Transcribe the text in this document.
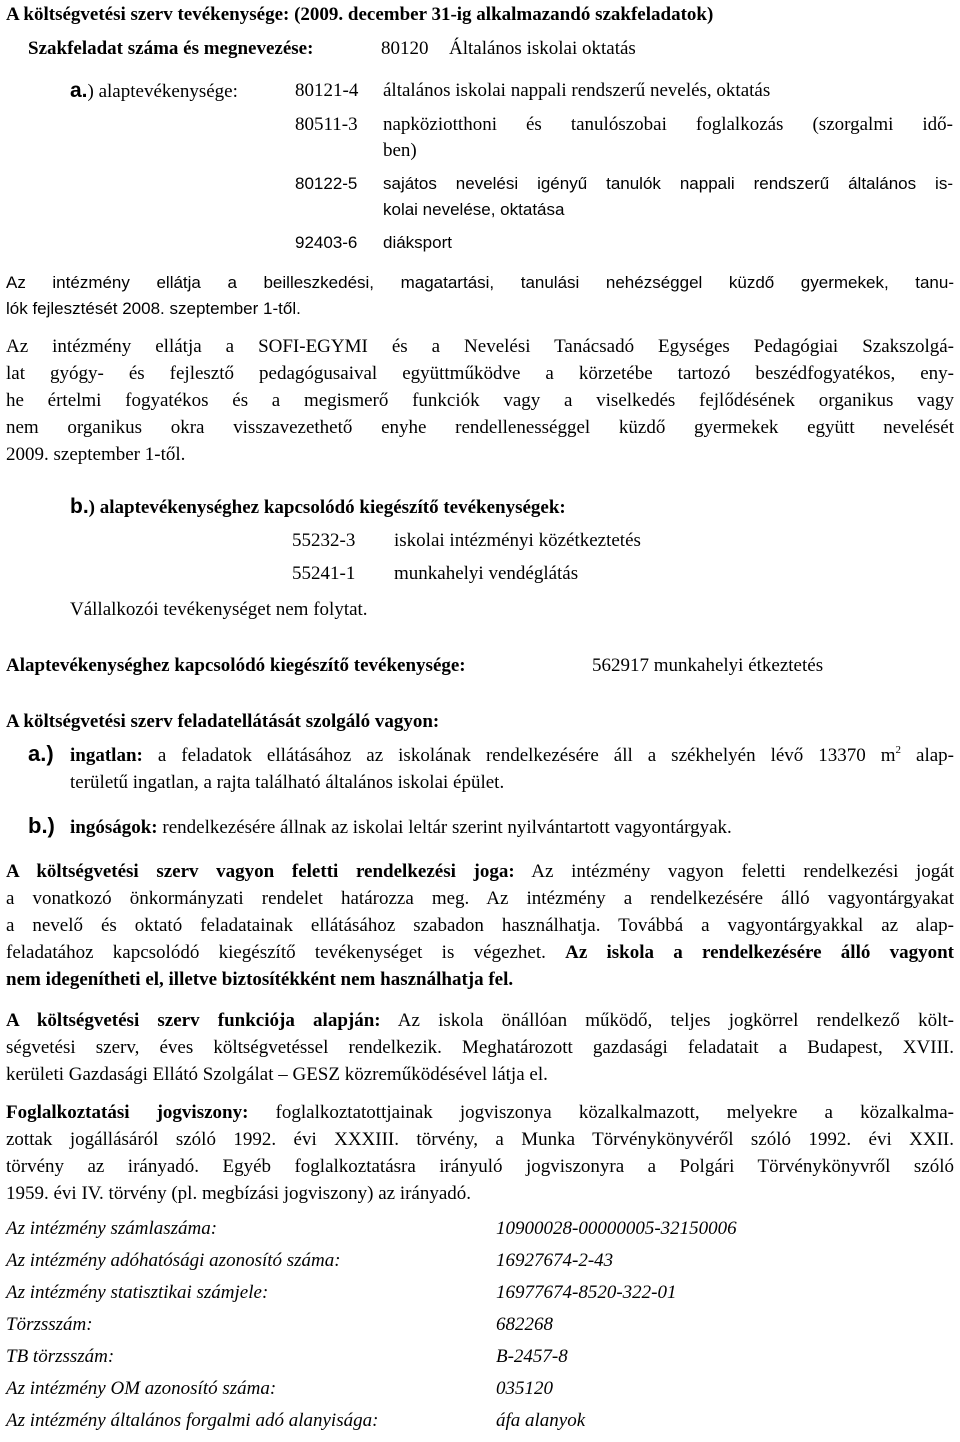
A költségvetési szerv tevékenysége: (2009. december 31-ig alkalmazandó szakfeladatok)
Szakfeladat száma és megnevezése:	80120 Általános iskolai oktatás
a.) alaptevékenysége:	80121-4 általános iskolai nappali rendszerű nevelés, oktatás
80511-3 napköziotthoni és tanulószobai foglalkozás (szorgalmi idő-
ben)
80122-5 sajátos nevelési igényű tanulók nappali rendszerű általános is-
kolai nevelése, oktatása
92403-6 diáksport
Az intézmény ellátja a beilleszkedési, magatartási, tanulási nehézséggel küzdő gyermekek, tanu-
lók fejlesztését 2008. szeptember 1-től.
Az intézmény ellátja a SOFI-EGYMI és a Nevelési Tanácsadó Egységes Pedagógiai Szakszolgá-
lat gyógy- és fejlesztő pedagógusaival együttműködve a körzetébe tartozó beszédfogyatékos, eny-
he értelmi fogyatékos és a megismerő funkciók vagy a viselkedés fejlődésének organikus vagy
nem organikus okra visszavezethető enyhe rendellenességgel küzdő gyermekek együtt nevelését
2009. szeptember 1-től.
b.) alaptevékenységhez kapcsolódó kiegészítő tevékenységek:
55232-3 iskolai intézményi közétkeztetés
55241-1 munkahelyi vendéglátás
Vállalkozói tevékenységet nem folytat.
Alaptevékenységhez kapcsolódó kiegészítő tevékenysége:	562917 munkahelyi étkeztetés
A költségvetési szerv feladatellátását szolgáló vagyon:
a.) ingatlan: a feladatok ellátásához az iskolának rendelkezésére áll a székhelyén lévő 13370 $m^2$ alap-
területű ingatlan, a rajta található általános iskolai épület.
b.) ingóságok: rendelkezésére állnak az iskolai leltár szerint nyilvántartott vagyontárgyak.
A költségvetési szerv vagyon feletti rendelkezési joga: Az intézmény vagyon feletti rendelkezési jogát
a vonatkozó önkormányzati rendelet határozza meg. Az intézmény a rendelkezésére álló vagyontárgyakat
a nevelő és oktató feladatainak ellátásához szabadon használhatja. Továbbá a vagyontárgyakkal az alap-
feladatához kapcsolódó kiegészítő tevékenységet is végezhet. Az iskola a rendelkezésére álló vagyont
nem idegenítheti el, illetve biztosítékként nem használhatja fel.
A költségvetési szerv funkciója alapján: Az iskola önállóan működő, teljes jogkörrel rendelkező költ-
ségvetési szerv, éves költségvetéssel rendelkezik. Meghatározott gazdasági feladatait a Budapest, XVIII.
kerületi Gazdasági Ellátó Szolgálat – GESZ közreműködésével látja el.
Foglalkoztatási jogviszony: foglalkoztatottjainak jogviszonya közalkalmazott, melyekre a közalkalma-
zottak jogállásáról szóló 1992. évi XXXIII. törvény, a Munka Törvénykönyvéről szóló 1992. évi XXII.
törvény az irányadó. Egyéb foglalkoztatásra irányuló jogviszonyra a Polgári Törvénykönyvről szóló
1959. évi IV. törvény (pl. megbízási jogviszony) az irányadó.
Az intézmény számlaszáma:	10900028-00000005-32150006
Az intézmény adóhatósági azonosító száma:	16927674-2-43
Az intézmény statisztikai számjele:	16977674-8520-322-01
Törzsszám:	682268
TB törzsszám:	B-2457-8
Az intézmény OM azonosító száma:	035120
Az intézmény általános forgalmi adó alanyisága:	áfa alanyok
